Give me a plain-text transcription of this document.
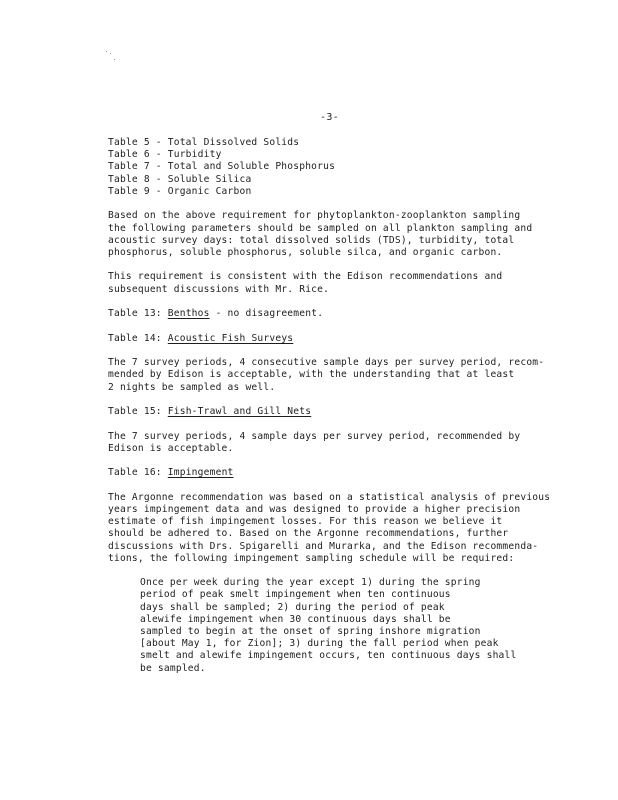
-3-
Table 5 - Total Dissolved Solids
Table 6 - Turbidity
Table 7 - Total and Soluble Phosphorus
Table 8 - Soluble Silica
Table 9 - Organic Carbon
Based on the above requirement for phytoplankton-zooplankton sampling
the following parameters should be sampled on all plankton sampling and
acoustic survey days: total dissolved solids (TDS), turbidity, total
phosphorus, soluble phosphorus, soluble silca, and organic carbon.
This requirement is consistent with the Edison recommendations and
subsequent discussions with Mr. Rice.
Table 13: Benthos - no disagreement.
Table 14: Acoustic Fish Surveys
The 7 survey periods, 4 consecutive sample days per survey period, recom-
mended by Edison is acceptable, with the understanding that at least
2 nights be sampled as well.
Table 15: Fish-Trawl and Gill Nets
The 7 survey periods, 4 sample days per survey period, recommended by
Edison is acceptable.
Table 16: Impingement
The Argonne recommendation was based on a statistical analysis of previous
years impingement data and was designed to provide a higher precision
estimate of fish impingement losses. For this reason we believe it
should be adhered to. Based on the Argonne recommendations, further
discussions with Drs. Spigarelli and Murarka, and the Edison recommenda-
tions, the following impingement sampling schedule will be required:
Once per week during the year except 1) during the spring
period of peak smelt impingement when ten continuous
days shall be sampled; 2) during the period of peak
alewife impingement when 30 continuous days shall be
sampled to begin at the onset of spring inshore migration
[about May 1, for Zion]; 3) during the fall period when peak
smelt and alewife impingement occurs, ten continuous days shall
be sampled.
